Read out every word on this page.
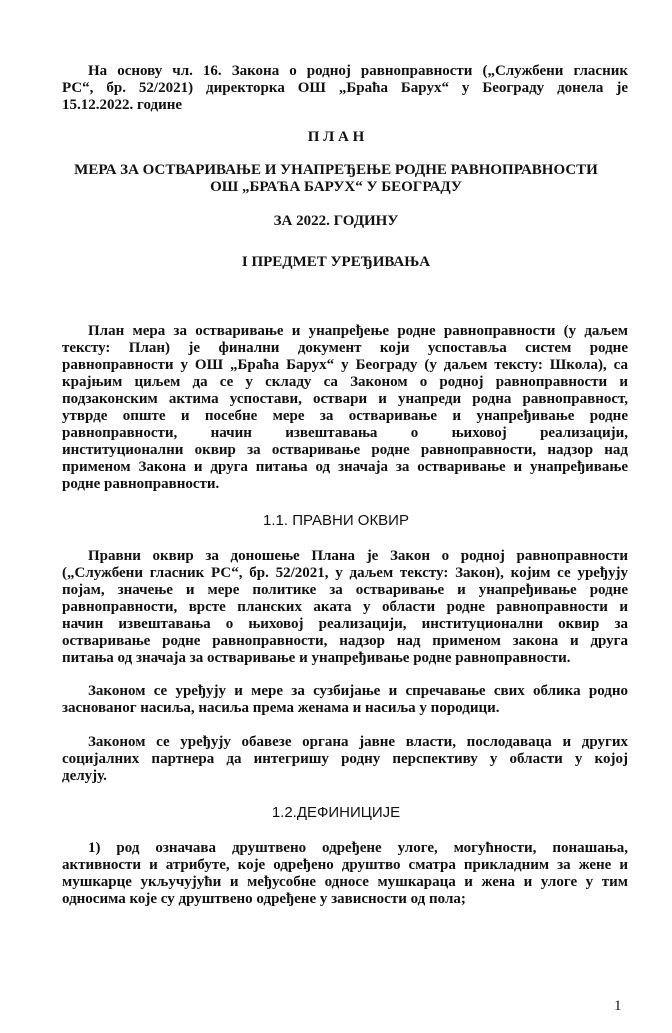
На основу чл. 16. Закона о родној равноправности („Службени гласник
РС“, бр. 52/2021) директорка ОШ „Браћа Барух“ у Београду донела је
15.12.2022. године
П Л А Н
МЕРА ЗА ОСТВАРИВАЊЕ И УНАПРЕЂЕЊЕ РОДНЕ РАВНОПРАВНОСТИ
ОШ „БРАЋА БАРУХ“ У БЕОГРАДУ
ЗА 2022. ГОДИНУ
I ПРЕДМЕТ УРЕЂИВАЊА
План мера за остваривање и унапређење родне равноправности (у даљем
тексту: План) је финални документ који успоставља систем родне
равноправности у ОШ „Браћа Барух“ у Београду (у даљем тексту: Школа), са
крајњим циљем да се у складу са Законом о родној равноправности и
подзаконским актима успостави, оствари и унапреди родна равноправност,
утврде опште и посебне мере за остваривање и унапређивање родне
равноправности, начин извештавања о њиховој реализацији,
институционални оквир за остваривање родне равноправности, надзор над
применом Закона и друга питања од значаја за остваривање и унапређивање
родне равноправности.
1.1. ПРАВНИ ОКВИР
Правни оквир за доношење Плана је Закон о родној равноправности
(„Службени гласник РС“, бр. 52/2021, у даљем тексту: Закон), којим се уређују
појам, значење и мере политике за остваривање и унапређивање родне
равноправности, врсте планских аката у области родне равноправности и
начин извештавања о њиховој реализацији, институционални оквир за
остваривање родне равноправности, надзор над применом закона и друга
питања од значаја за остваривање и унапређивање родне равноправности.
Законом се уређују и мере за сузбијање и спречавање свих облика родно
заснованог насиља, насиља према женама и насиља у породици.
Законом се уређују обавезе органа јавне власти, послодаваца и других
социјалних партнера да интегришу родну перспективу у области у којој
делују.
1.2.ДЕФИНИЦИЈЕ
1) род означава друштвено одређене улоге, могућности, понашања,
активности и атрибуте, које одређено друштво сматра прикладним за жене и
мушкарце укључујући и међусобне односе мушкараца и жена и улоге у тим
односима које су друштвено одређене у зависности од пола;
1
